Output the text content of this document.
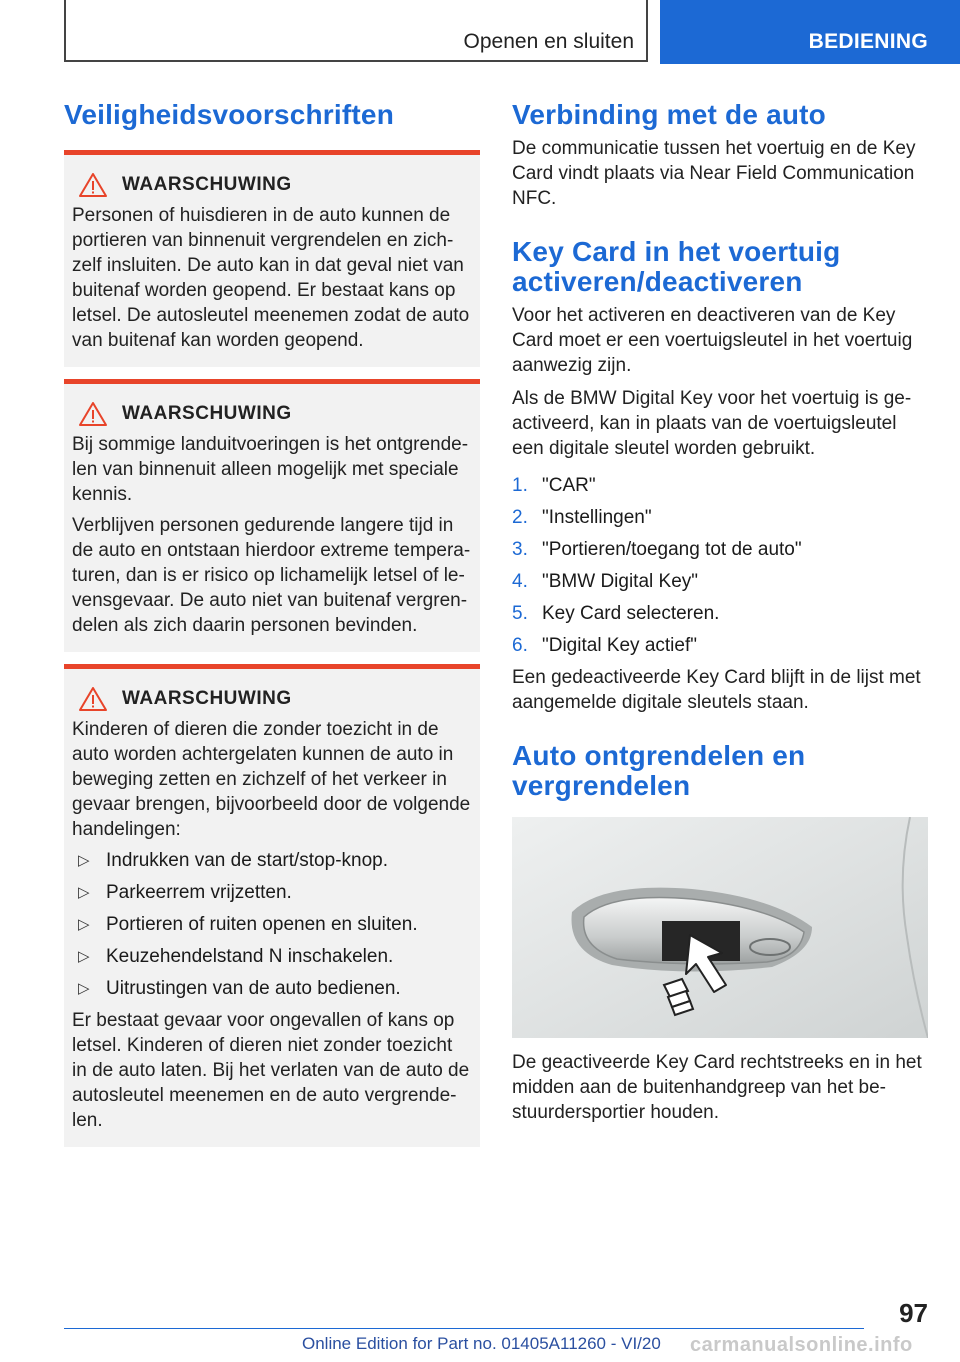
Openen en sluiten	BEDIENING
Veiligheidsvoorschriften
WAARSCHUWING

Personen of huisdieren in de auto kunnen de portieren van binnenuit vergrendelen en zichzelf insluiten. De auto kan in dat geval niet van buitenaf worden geopend. Er bestaat kans op letsel. De autosleutel meenemen zodat de auto van buitenaf kan worden geopend.

WAARSCHUWING

Bij sommige landuitvoeringen is het ontgrendelen van binnenuit alleen mogelijk met speciale kennis.

Verblijven personen gedurende langere tijd in de auto en ontstaan hierdoor extreme temperaturen, dan is er risico op lichamelijk letsel of levensgevaar. De auto niet van buitenaf vergrendelen als zich daarin personen bevinden.

WAARSCHUWING

Kinderen of dieren die zonder toezicht in de auto worden achtergelaten kunnen de auto in beweging zetten en zichzelf of het verkeer in gevaar brengen, bijvoorbeeld door de volgende handelingen:

▷ Indrukken van de start/stop-knop.
▷ Parkeerrem vrijzetten.
▷ Portieren of ruiten openen en sluiten.
▷ Keuzehendelstand N inschakelen.
▷ Uitrustingen van de auto bedienen.

Er bestaat gevaar voor ongevallen of kans op letsel. Kinderen of dieren niet zonder toezicht in de auto laten. Bij het verlaten van de auto de autosleutel meenemen en de auto vergrendelen.

Verbinding met de auto

De communicatie tussen het voertuig en de Key Card vindt plaats via Near Field Communication NFC.

Key Card in het voertuig activeren/deactiveren

Voor het activeren en deactiveren van de Key Card moet er een voertuigsleutel in het voertuig aanwezig zijn.

Als de BMW Digital Key voor het voertuig is geactiveerd, kan in plaats van de voertuigsleutel een digitale sleutel worden gebruikt.

1. "CAR"
2. "Instellingen"
3. "Portieren/toegang tot de auto"
4. "BMW Digital Key"
5. Key Card selecteren.
6. "Digital Key actief"

Een gedeactiveerde Key Card blijft in de lijst met aangemelde digitale sleutels staan.

Auto ontgrendelen en vergrendelen

De geactiveerde Key Card rechtstreeks en in het midden aan de buitenhandgreep van het bestuurdersportier houden.

97
Online Edition for Part no. 01405A11260 - VI/20 carmanualsonline.info
